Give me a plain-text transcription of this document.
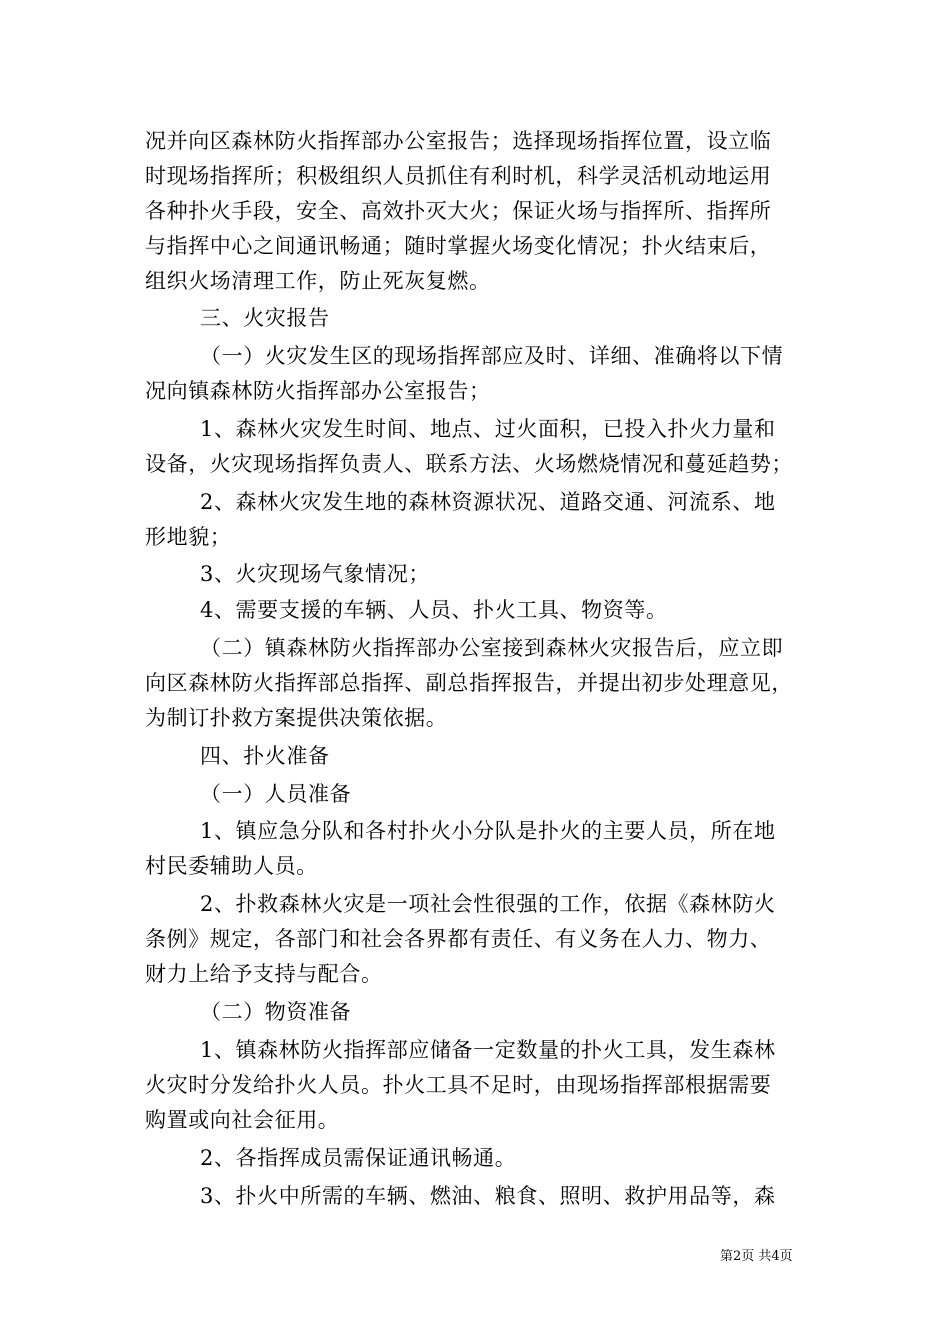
况并向区森林防火指挥部办公室报告；选择现场指挥位置，设立临
时现场指挥所；积极组织人员抓住有利时机，科学灵活机动地运用
各种扑火手段，安全、高效扑灭大火；保证火场与指挥所、指挥所
与指挥中心之间通讯畅通；随时掌握火场变化情况；扑火结束后，
组织火场清理工作，防止死灰复燃。
三、火灾报告
（一）火灾发生区的现场指挥部应及时、详细、准确将以下情
况向镇森林防火指挥部办公室报告；
1、森林火灾发生时间、地点、过火面积，已投入扑火力量和
设备，火灾现场指挥负责人、联系方法、火场燃烧情况和蔓延趋势；
2、森林火灾发生地的森林资源状况、道路交通、河流系、地
形地貌；
3、火灾现场气象情况；
4、需要支援的车辆、人员、扑火工具、物资等。
（二）镇森林防火指挥部办公室接到森林火灾报告后，应立即
向区森林防火指挥部总指挥、副总指挥报告，并提出初步处理意见，
为制订扑救方案提供决策依据。
四、扑火准备
（一）人员准备
1、镇应急分队和各村扑火小分队是扑火的主要人员，所在地
村民委辅助人员。
2、扑救森林火灾是一项社会性很强的工作，依据《森林防火
条例》规定，各部门和社会各界都有责任、有义务在人力、物力、
财力上给予支持与配合。
（二）物资准备
1、镇森林防火指挥部应储备一定数量的扑火工具，发生森林
火灾时分发给扑火人员。扑火工具不足时，由现场指挥部根据需要
购置或向社会征用。
2、各指挥成员需保证通讯畅通。
3、扑火中所需的车辆、燃油、粮食、照明、救护用品等，森
第2页 共4页
